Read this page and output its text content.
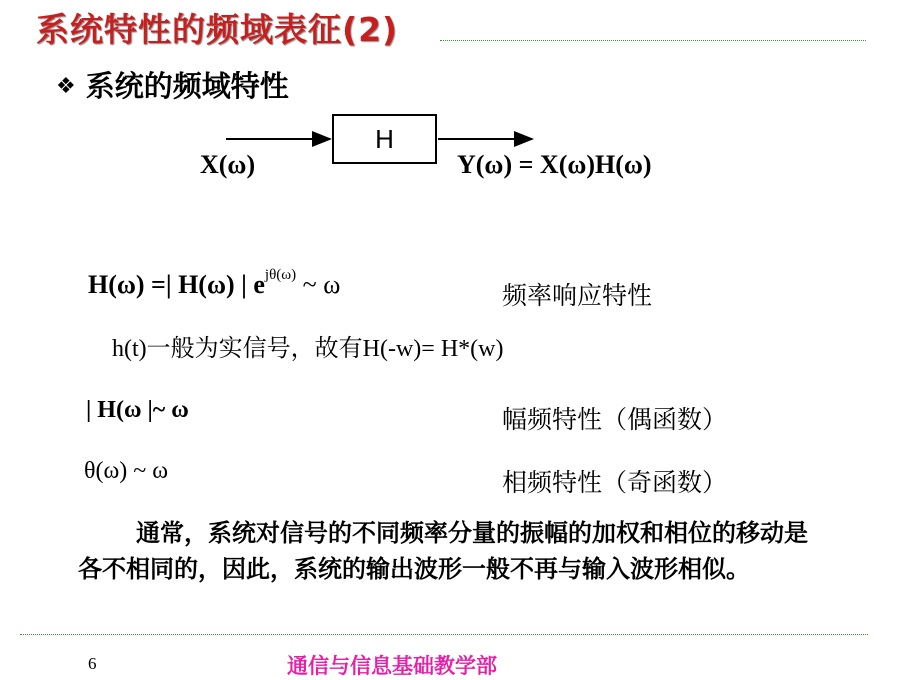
系统特性的频域表征(2)
❖ 系统的频域特性
H
X(ω)	Y(ω) = X(ω)H(ω)
H(ω) =| H(ω) | $e^{j\theta(\omega)}$ ~ ω	频率响应特性
h(t)一般为实信号，故有H(-w)= H*(w)
| H(ω |~ ω	幅频特性（偶函数）
θ(ω) ~ ω	相频特性（奇函数）
通常，系统对信号的不同频率分量的振幅的加权和相位的移动是各不相同的，因此，系统的输出波形一般不再与输入波形相似。
6	通信与信息基础教学部
